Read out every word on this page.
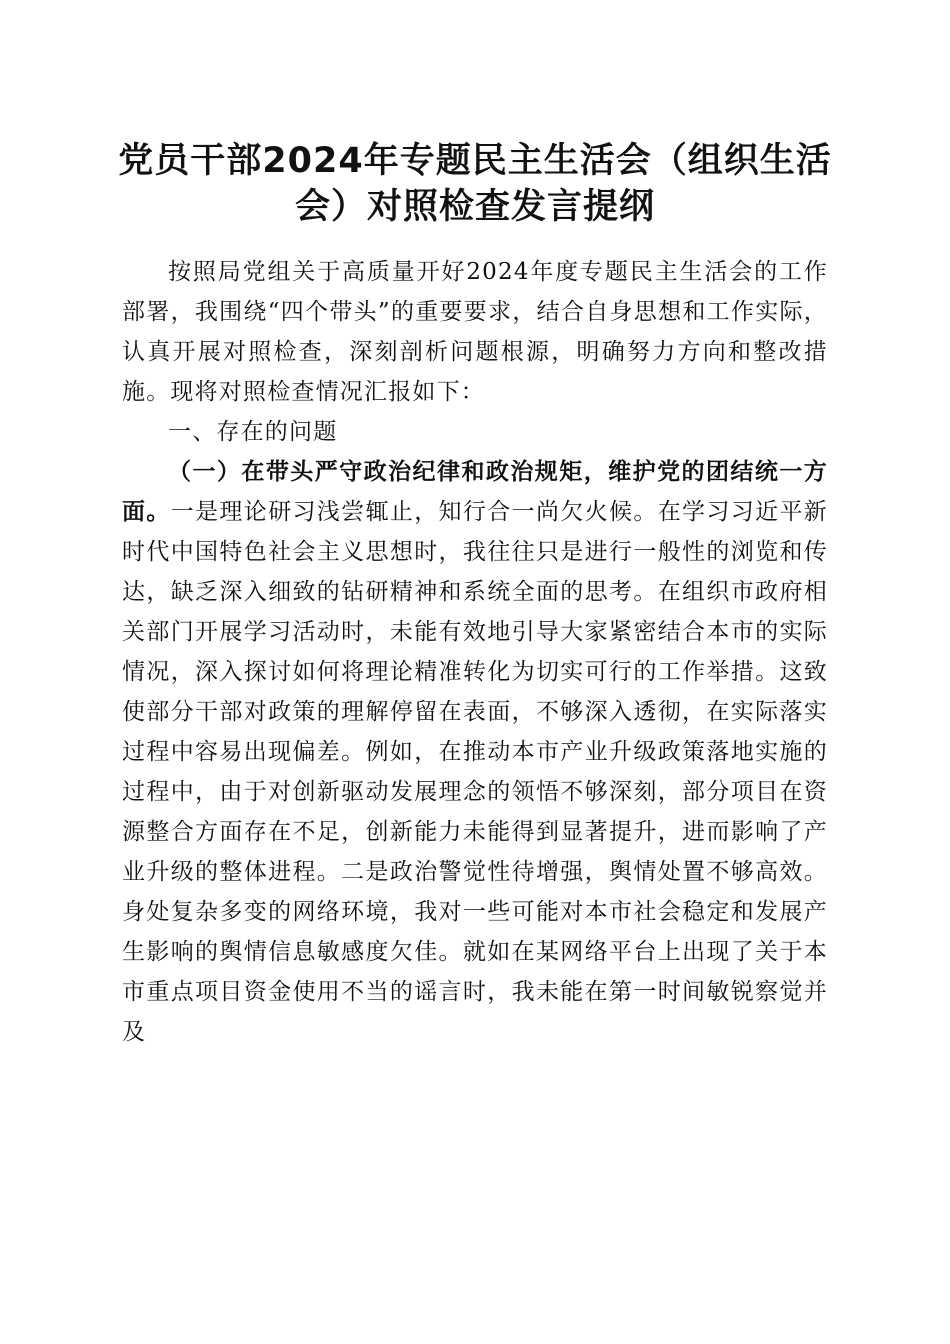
党员干部2024年专题民主生活会（组织生活会）对照检查发言提纲

按照局党组关于高质量开好2024年度专题民主生活会的工作部署，我围绕“四个带头”的重要要求，结合自身思想和工作实际，认真开展对照检查，深刻剖析问题根源，明确努力方向和整改措施。现将对照检查情况汇报如下：

一、存在的问题

（一）在带头严守政治纪律和政治规矩，维护党的团结统一方面。一是理论研习浅尝辄止，知行合一尚欠火候。在学习习近平新时代中国特色社会主义思想时，我往往只是进行一般性的浏览和传达，缺乏深入细致的钻研精神和系统全面的思考。在组织市政府相关部门开展学习活动时，未能有效地引导大家紧密结合本市的实际情况，深入探讨如何将理论精准转化为切实可行的工作举措。这致使部分干部对政策的理解停留在表面，不够深入透彻，在实际落实过程中容易出现偏差。例如，在推动本市产业升级政策落地实施的过程中，由于对创新驱动发展理念的领悟不够深刻，部分项目在资源整合方面存在不足，创新能力未能得到显著提升，进而影响了产业升级的整体进程。二是政治警觉性待增强，舆情处置不够高效。身处复杂多变的网络环境，我对一些可能对本市社会稳定和发展产生影响的舆情信息敏感度欠佳。就如在某网络平台上出现了关于本市重点项目资金使用不当的谣言时，我未能在第一时间敏锐察觉并及
